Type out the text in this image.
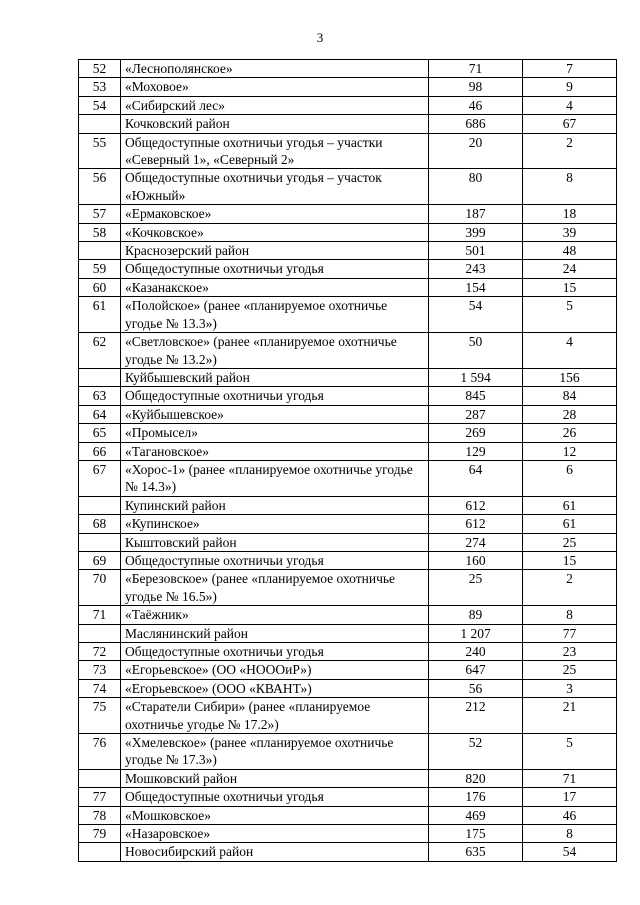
3
52	«Леснополянское»	71	7
53	«Моховое»	98	9
54	«Сибирский лес»	46	4
	Кочковский район	686	67
55	Общедоступные охотничьи угодья – участки «Северный 1», «Северный 2»	20	2
56	Общедоступные охотничьи угодья – участок «Южный»	80	8
57	«Ермаковское»	187	18
58	«Кочковское»	399	39
	Краснозерский район	501	48
59	Общедоступные охотничьи угодья	243	24
60	«Казанакское»	154	15
61	«Полойское» (ранее «планируемое охотничье угодье № 13.3»)	54	5
62	«Светловское» (ранее «планируемое охотничье угодье № 13.2»)	50	4
	Куйбышевский район	1 594	156
63	Общедоступные охотничьи угодья	845	84
64	«Куйбышевское»	287	28
65	«Промысел»	269	26
66	«Тагановское»	129	12
67	«Хорос-1» (ранее «планируемое охотничье угодье № 14.3»)	64	6
	Купинский район	612	61
68	«Купинское»	612	61
	Кыштовский район	274	25
69	Общедоступные охотничьи угодья	160	15
70	«Березовское» (ранее «планируемое охотничье угодье № 16.5»)	25	2
71	«Таёжник»	89	8
	Маслянинский район	1 207	77
72	Общедоступные охотничьи угодья	240	23
73	«Егорьевское» (ОО «НОООиР»)	647	25
74	«Егорьевское» (ООО «КВАНТ»)	56	3
75	«Старатели Сибири» (ранее «планируемое охотничье угодье № 17.2»)	212	21
76	«Хмелевское» (ранее «планируемое охотничье угодье № 17.3»)	52	5
	Мошковский район	820	71
77	Общедоступные охотничьи угодья	176	17
78	«Мошковское»	469	46
79	«Назаровское»	175	8
	Новосибирский район	635	54
